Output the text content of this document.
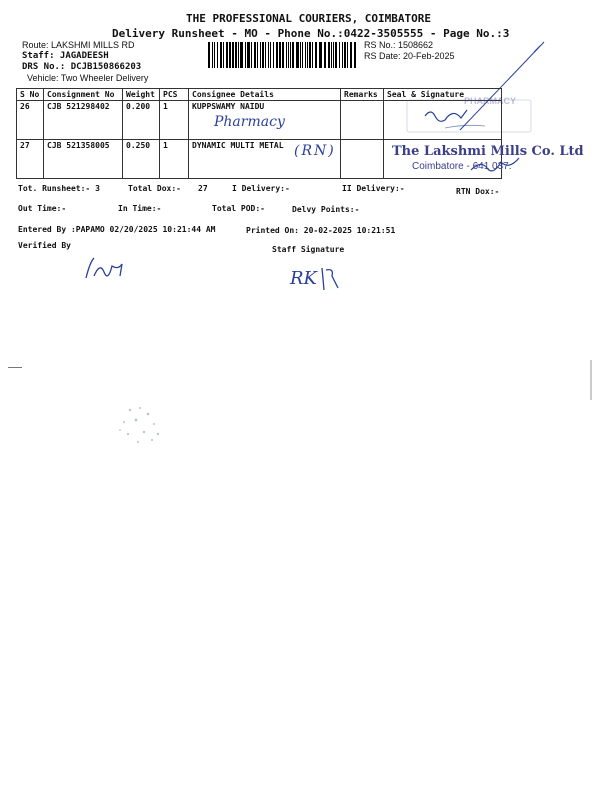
THE PROFESSIONAL COURIERS, COIMBATORE
Delivery Runsheet - MO - Phone No.:0422-3505555 - Page No.:3
Route: LAKSHMI MILLS RD
Staff: JAGADEESH
DRS No.: DCJB150866203
Vehicle: Two Wheeler Delivery
RS No.: 1508662
RS Date: 20-Feb-2025
S No	Consignment No	Weight	PCS	Consignee Details	Remarks	Seal & Signature
26	CJB 521298402	0.200	1	KUPPSWAMY NAIDU		
27	CJB 521358005	0.250	1	DYNAMIC MULTI METAL		
Pharmacy
(RN)
PHARMACY
The Lakshmi Mills Co. Ltd
Coimbatore - 641 037.
Tot. Runsheet:- 3	Total Dox:- 27	I Delivery:-	II Delivery:-	RTN Dox:-
Out Time:-	In Time:-	Total POD:-	Delvy Points:-
Entered By :PAPAMO 02/20/2025 10:21:44 AM	Printed On: 20-02-2025 10:21:51
Verified By	Staff Signature
RK
